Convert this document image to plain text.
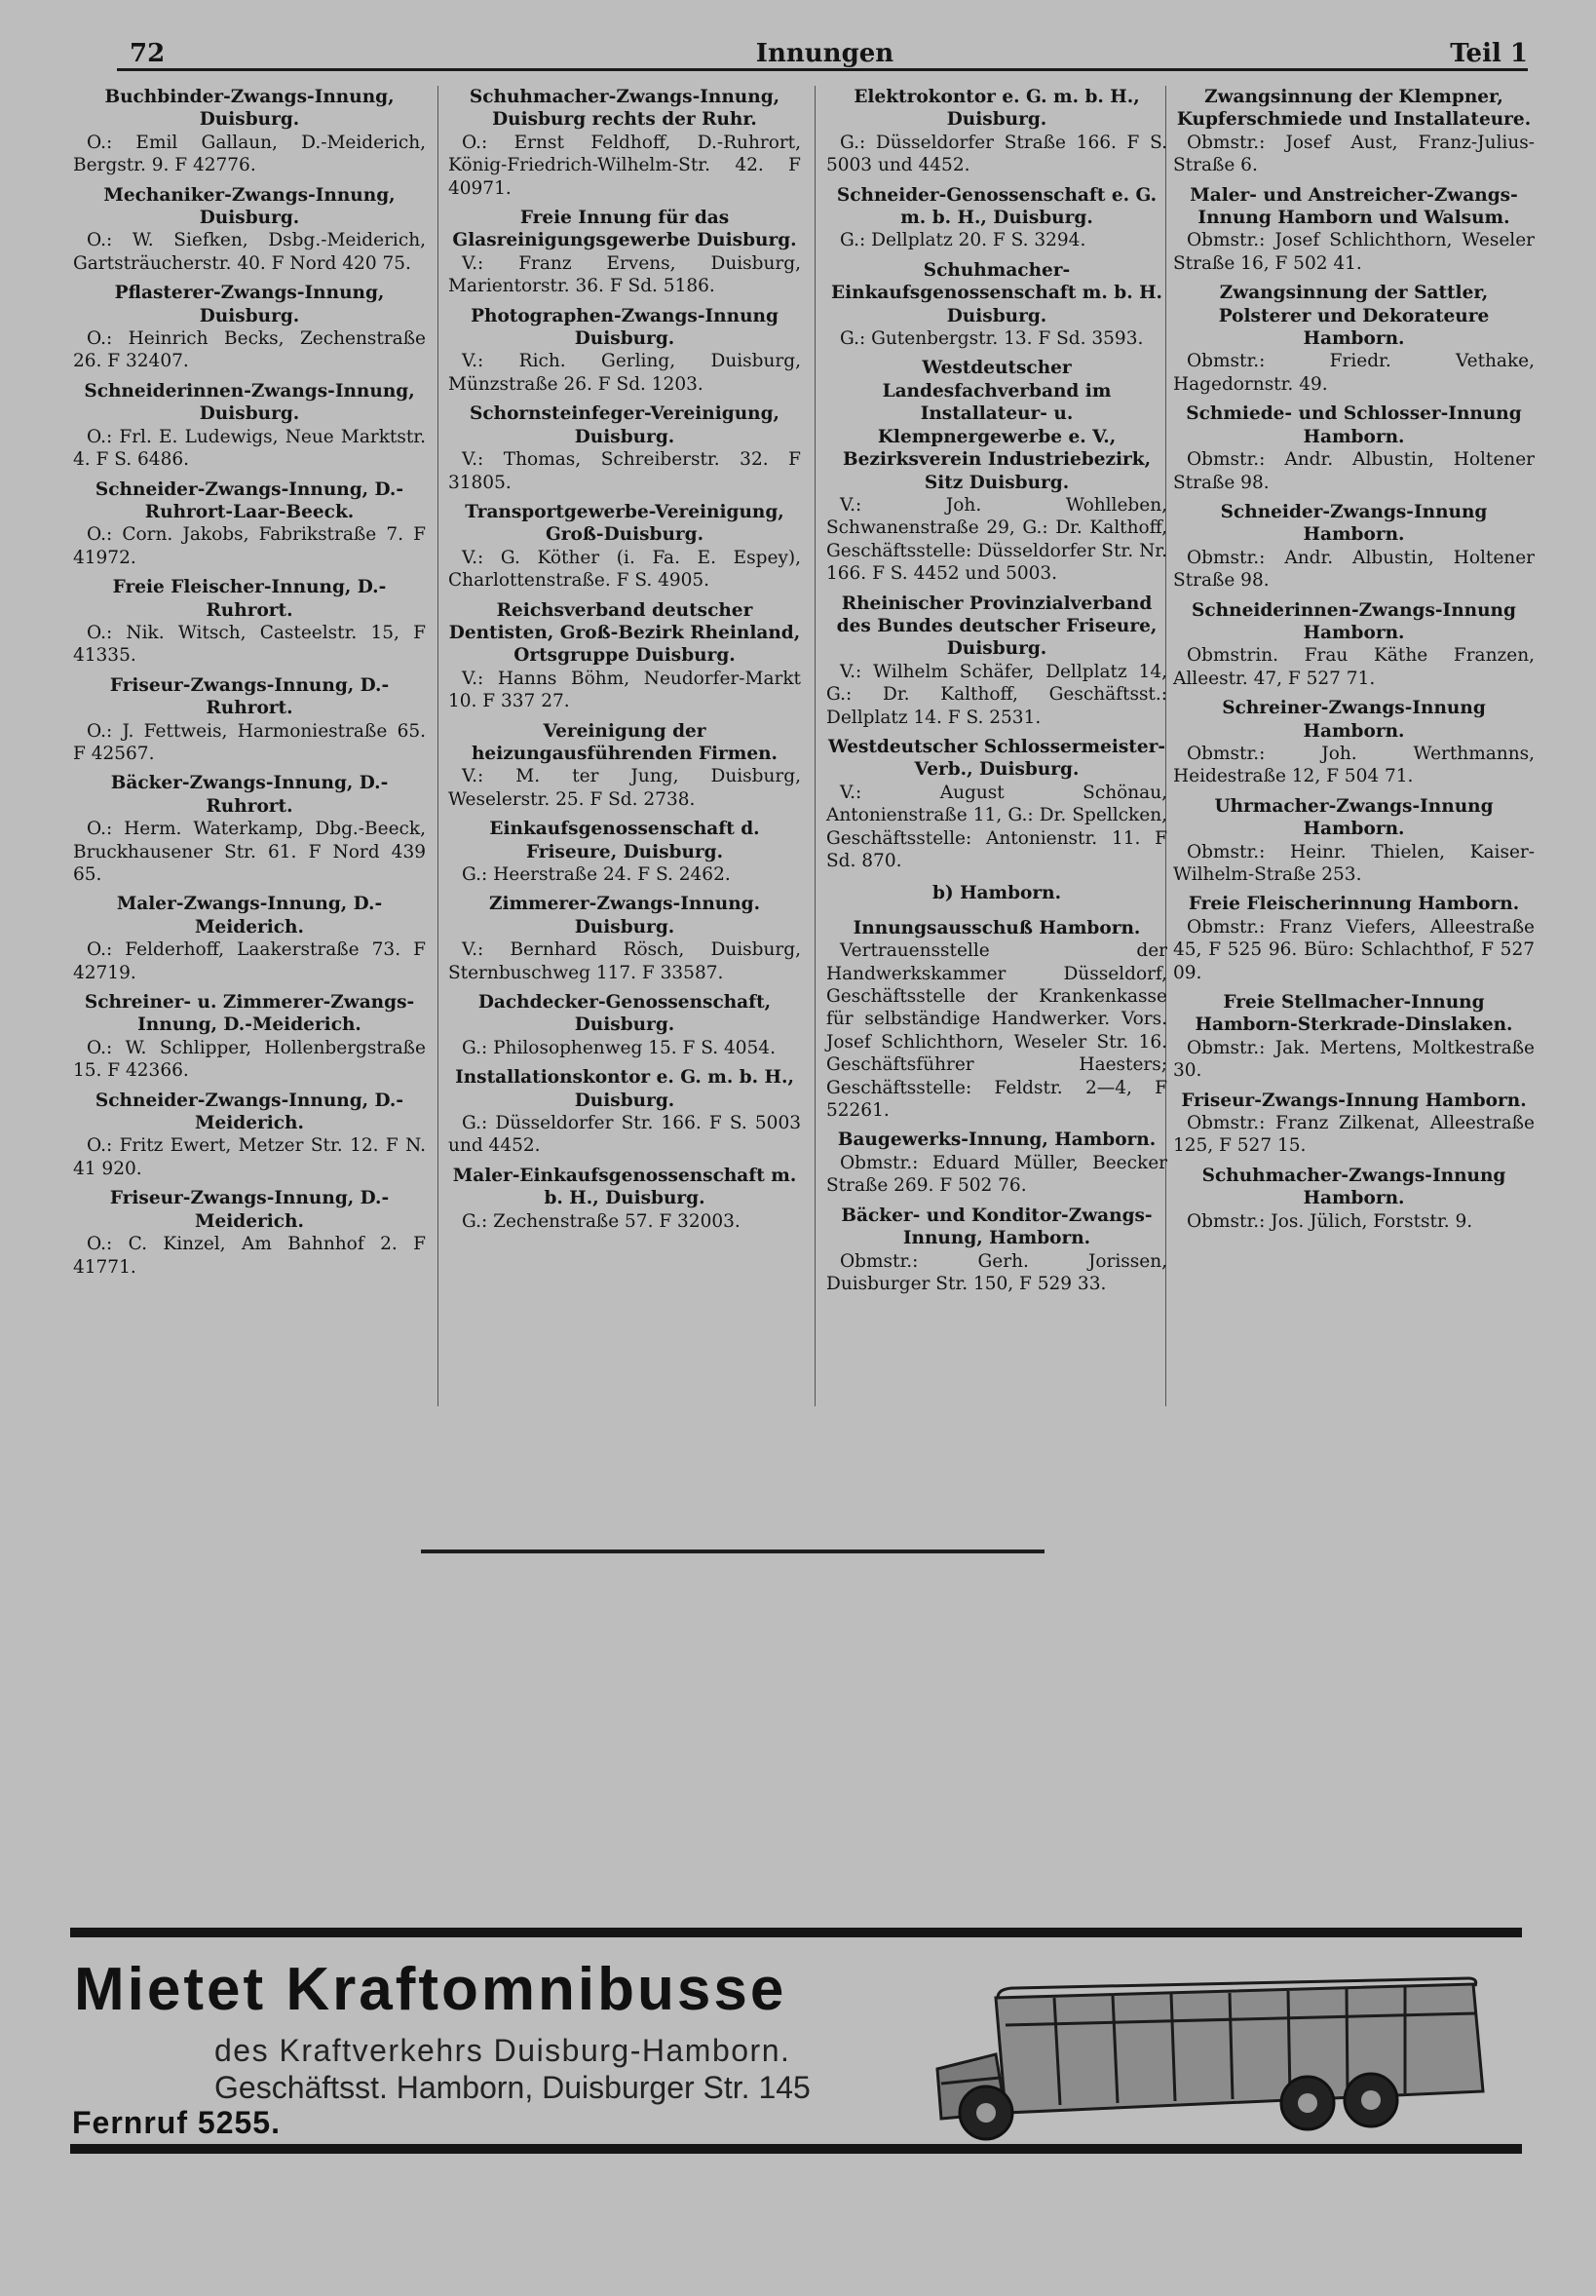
72	Innungen	Teil 1
Buchbinder-Zwangs-Innung, Duisburg.
O.: Emil Gallaun, D.-Meiderich, Bergstr. 9. F 42776.
Mechaniker-Zwangs-Innung, Duisburg.
O.: W. Siefken, Dsbg.-Meiderich, Gartsträucherstr. 40. F Nord 420 75.
Pflasterer-Zwangs-Innung, Duisburg.
O.: Heinrich Becks, Zechenstraße 26. F 32407.
Schneiderinnen-Zwangs-Innung, Duisburg.
O.: Frl. E. Ludewigs, Neue Marktstr. 4. F S. 6486.
Schneider-Zwangs-Innung, D.-Ruhrort-Laar-Beeck.
O.: Corn. Jakobs, Fabrikstraße 7. F 41972.
Freie Fleischer-Innung, D.-Ruhrort.
O.: Nik. Witsch, Casteelstr. 15, F 41335.
Friseur-Zwangs-Innung, D.-Ruhrort.
O.: J. Fettweis, Harmoniestraße 65. F 42567.
Bäcker-Zwangs-Innung, D.-Ruhrort.
O.: Herm. Waterkamp, Dbg.-Beeck, Bruckhausener Str. 61. F Nord 439 65.
Maler-Zwangs-Innung, D.-Meiderich.
O.: Felderhoff, Laakerstraße 73. F 42719.
Schreiner- u. Zimmerer-Zwangs-Innung, D.-Meiderich.
O.: W. Schlipper, Hollenbergstraße 15. F 42366.
Schneider-Zwangs-Innung, D.-Meiderich.
O.: Fritz Ewert, Metzer Str. 12. F N. 41 920.
Friseur-Zwangs-Innung, D.-Meiderich.
O.: C. Kinzel, Am Bahnhof 2. F 41771.
Schuhmacher-Zwangs-Innung, Duisburg rechts der Ruhr.
O.: Ernst Feldhoff, D.-Ruhrort, König-Friedrich-Wilhelm-Str. 42. F 40971.
Freie Innung für das Glasreinigungsgewerbe Duisburg.
V.: Franz Ervens, Duisburg, Marientorstr. 36. F Sd. 5186.
Photographen-Zwangs-Innung Duisburg.
V.: Rich. Gerling, Duisburg, Münzstraße 26. F Sd. 1203.
Schornsteinfeger-Vereinigung, Duisburg.
V.: Thomas, Schreiberstr. 32. F 31805.
Transportgewerbe-Vereinigung, Groß-Duisburg.
V.: G. Köther (i. Fa. E. Espey), Charlottenstraße. F S. 4905.
Reichsverband deutscher Dentisten, Groß-Bezirk Rheinland, Ortsgruppe Duisburg.
V.: Hanns Böhm, Neudorfer-Markt 10. F 337 27.
Vereinigung der heizungausführenden Firmen.
V.: M. ter Jung, Duisburg, Weselerstr. 25. F Sd. 2738.
Einkaufsgenossenschaft d. Friseure, Duisburg.
G.: Heerstraße 24. F S. 2462.
Zimmerer-Zwangs-Innung. Duisburg.
V.: Bernhard Rösch, Duisburg, Sternbuschweg 117. F 33587.
Dachdecker-Genossenschaft, Duisburg.
G.: Philosophenweg 15. F S. 4054.
Installationskontor e. G. m. b. H., Duisburg.
G.: Düsseldorfer Str. 166. F S. 5003 und 4452.
Maler-Einkaufsgenossenschaft m. b. H., Duisburg.
G.: Zechenstraße 57. F 32003.
Elektrokontor e. G. m. b. H., Duisburg.
G.: Düsseldorfer Straße 166. F S. 5003 und 4452.
Schneider-Genossenschaft e. G. m. b. H., Duisburg.
G.: Dellplatz 20. F S. 3294.
Schuhmacher-Einkaufsgenossenschaft m. b. H. Duisburg.
G.: Gutenbergstr. 13. F Sd. 3593.
Westdeutscher Landesfachverband im Installateur- u. Klempnergewerbe e. V., Bezirksverein Industriebezirk, Sitz Duisburg.
V.: Joh. Wohlleben, Schwanenstraße 29, G.: Dr. Kalthoff, Geschäftsstelle: Düsseldorfer Str. Nr. 166. F S. 4452 und 5003.
Rheinischer Provinzialverband des Bundes deutscher Friseure, Duisburg.
V.: Wilhelm Schäfer, Dellplatz 14, G.: Dr. Kalthoff, Geschäftsst.: Dellplatz 14. F S. 2531.
Westdeutscher Schlossermeister-Verb., Duisburg.
V.: August Schönau, Antonienstraße 11, G.: Dr. Spellcken, Geschäftsstelle: Antonienstr. 11. F Sd. 870.
b) Hamborn.
Innungsausschuß Hamborn.
Vertrauensstelle der Handwerkskammer Düsseldorf, Geschäftsstelle der Krankenkasse für selbständige Handwerker. Vors. Josef Schlichthorn, Weseler Str. 16. Geschäftsführer Haesters; Geschäftsstelle: Feldstr. 2—4, F 52261.
Baugewerks-Innung, Hamborn.
Obmstr.: Eduard Müller, Beecker Straße 269. F 502 76.
Bäcker- und Konditor-Zwangs-Innung, Hamborn.
Obmstr.: Gerh. Jorissen, Duisburger Str. 150, F 529 33.
Zwangsinnung der Klempner, Kupferschmiede und Installateure.
Obmstr.: Josef Aust, Franz-Julius-Straße 6.
Maler- und Anstreicher-Zwangs-Innung Hamborn und Walsum.
Obmstr.: Josef Schlichthorn, Weseler Straße 16, F 502 41.
Zwangsinnung der Sattler, Polsterer und Dekorateure Hamborn.
Obmstr.: Friedr. Vethake, Hagedornstr. 49.
Schmiede- und Schlosser-Innung Hamborn.
Obmstr.: Andr. Albustin, Holtener Straße 98.
Schneider-Zwangs-Innung Hamborn.
Obmstr.: Andr. Albustin, Holtener Straße 98.
Schneiderinnen-Zwangs-Innung Hamborn.
Obmstrin. Frau Käthe Franzen, Alleestr. 47, F 527 71.
Schreiner-Zwangs-Innung Hamborn.
Obmstr.: Joh. Werthmanns, Heidestraße 12, F 504 71.
Uhrmacher-Zwangs-Innung Hamborn.
Obmstr.: Heinr. Thielen, Kaiser-Wilhelm-Straße 253.
Freie Fleischerinnung Hamborn.
Obmstr.: Franz Viefers, Alleestraße 45, F 525 96. Büro: Schlachthof, F 527 09.
Freie Stellmacher-Innung Hamborn-Sterkrade-Dinslaken.
Obmstr.: Jak. Mertens, Moltkestraße 30.
Friseur-Zwangs-Innung Hamborn.
Obmstr.: Franz Zilkenat, Alleestraße 125, F 527 15.
Schuhmacher-Zwangs-Innung Hamborn.
Obmstr.: Jos. Jülich, Forststr. 9.
Mietet Kraftomnibusse
des Kraftverkehrs Duisburg-Hamborn.
Geschäftsst. Hamborn, Duisburger Str. 145
Fernruf 5255.
